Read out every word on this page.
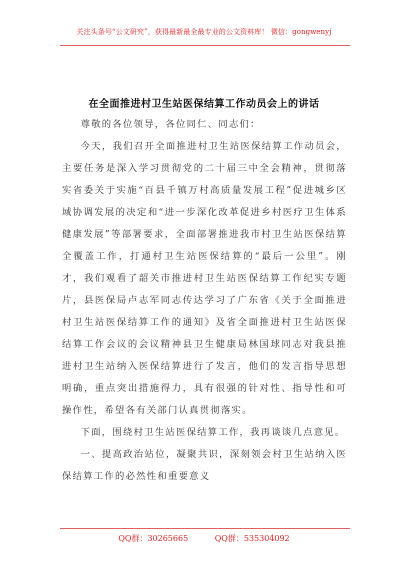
关注头条号“公文研究”，获得最新最全最专业的公文资料库！ 微信：gongwenyj
在全面推进村卫生站医保结算工作动员会上的讲话

尊敬的各位领导，各位同仁、同志们：

今天，我们召开全面推进村卫生站医保结算工作动员会，主要任务是深入学习贯彻党的二十届三中全会精神，贯彻落实省委关于实施“百县千镇万村高质量发展工程”促进城乡区域协调发展的决定和“进一步深化改革促进乡村医疗卫生体系健康发展”等部署要求，全面部署推进我市村卫生站医保结算全覆盖工作，打通村卫生站医保结算的“最后一公里”。刚才，我们观看了韶关市推进村卫生站医保结算工作纪实专题片，县医保局卢志军同志传达学习了广东省《关于全面推进村卫生站医保结算工作的通知》及省全面推进村卫生站医保结算工作会议的会议精神县卫生健康局林国球同志对我县推进村卫生站纳入医保结算进行了发言，他们的发言指导思想明确，重点突出措施得力，具有很强的针对性、指导性和可操作性，希望各有关部门认真贯彻落实。

下面，围绕村卫生站医保结算工作，我再谈谈几点意见。

一、提高政治站位，凝聚共识，深刻领会村卫生站纳入医保结算工作的必然性和重要意义

QQ群：30265665	QQ群：535304092
